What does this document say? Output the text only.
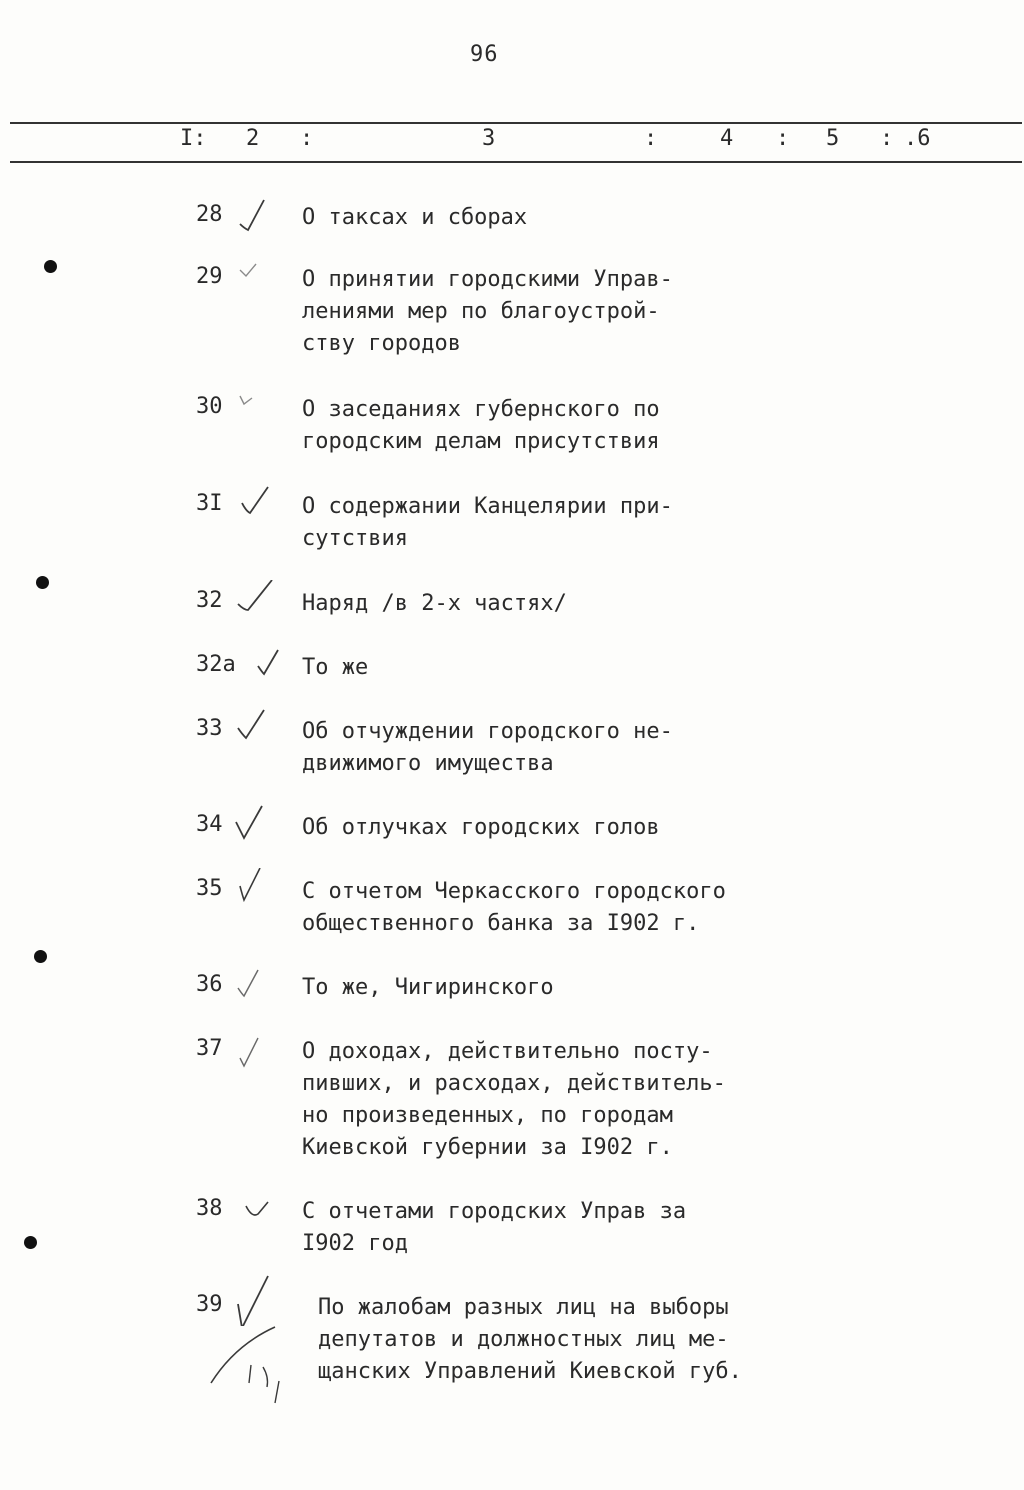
96
I: 2 :	3	:	4 : 5 : .6
28	О таксах и сборах
29	О принятии городскими Управ-
лениями мер по благоустрой-
ству городов
30	О заседаниях губернского по
городским делам присутствия
3I	О содержании Канцелярии при-
сутствия
32	Наряд /в 2-х частях/
32а	То же
33	Об отчуждении городского не-
движимого имущества
34	Об отлучках городских голов
35	С отчетом Черкасского городского
общественного банка за I902 г.
36	То же, Чигиринского
37	О доходах, действительно посту-
пивших, и расходах, действитель-
но произведенных, по городам
Киевской губернии за I902 г.
38	С отчетами городских Управ за
I902 год
39	По жалобам разных лиц на выборы
депутатов и должностных лиц ме-
щанских Управлений Киевской губ.
